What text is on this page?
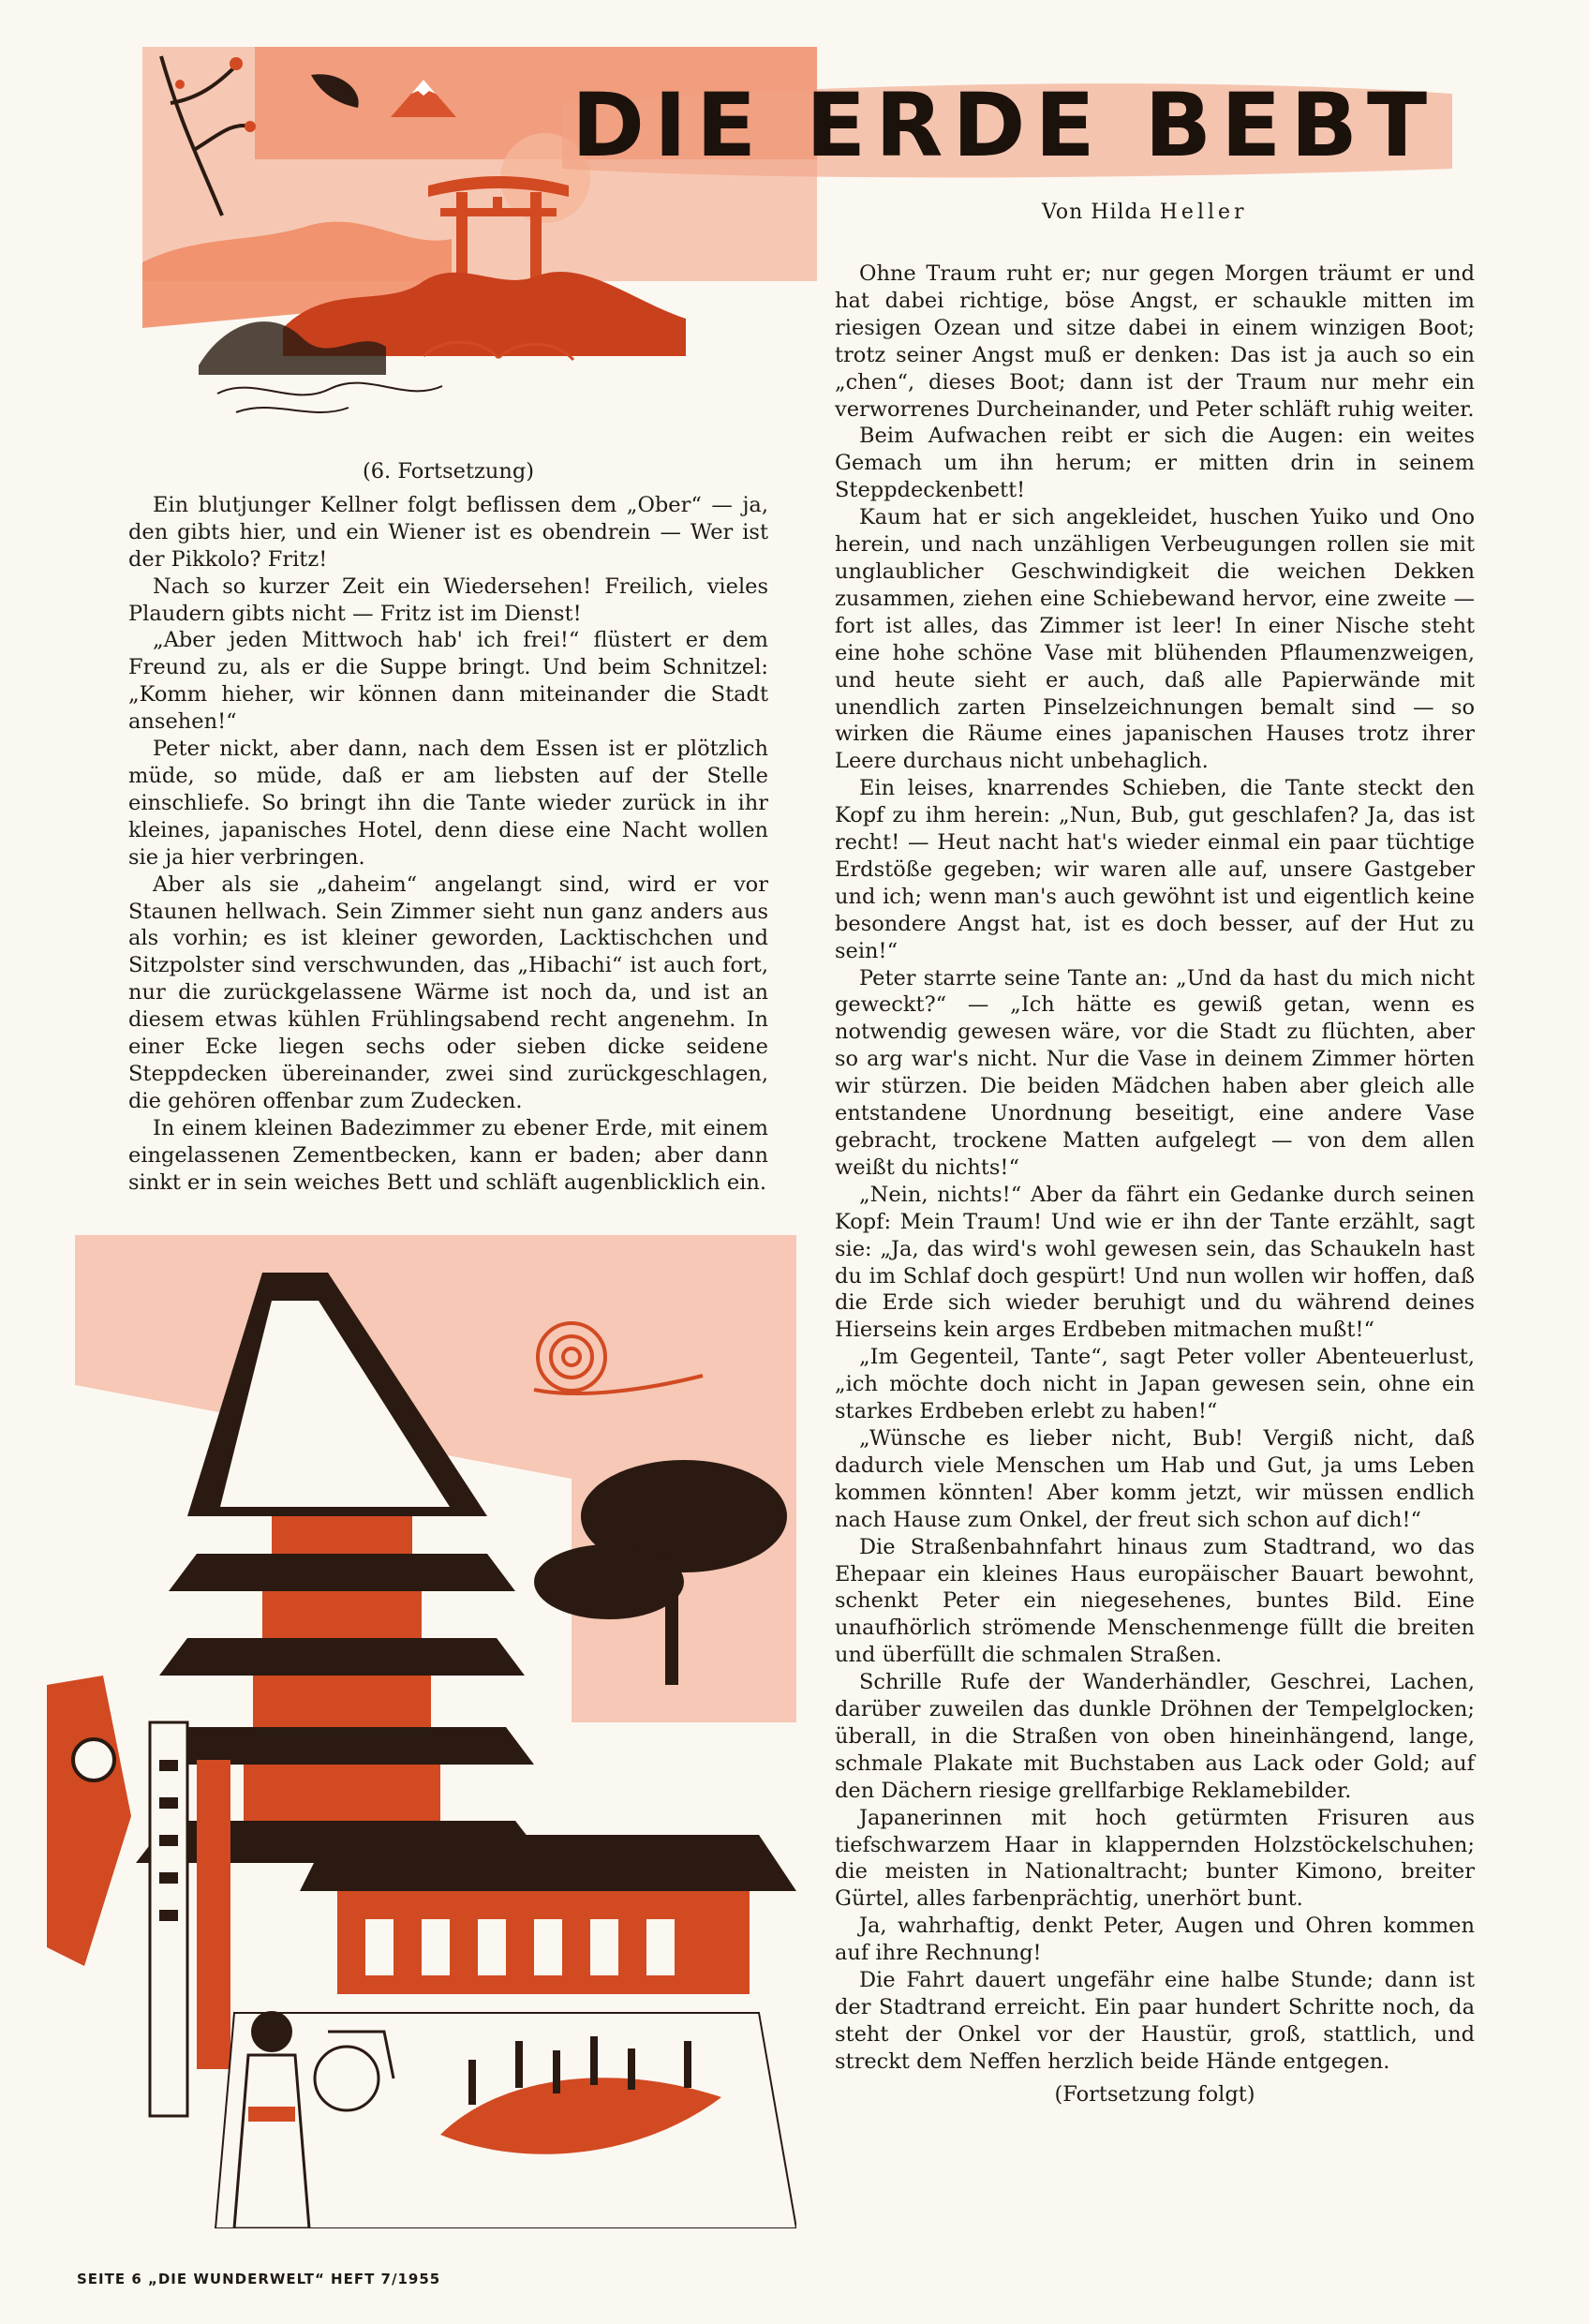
DIE ERDE BEBT
Von Hilda Heller

(6. Fortsetzung)

Ein blutjunger Kellner folgt beflissen dem „Ober“ — ja, den gibts hier, und ein Wiener ist es obendrein — Wer ist der Pikkolo? Fritz!

Nach so kurzer Zeit ein Wiedersehen! Freilich, vieles Plaudern gibts nicht — Fritz ist im Dienst!

„Aber jeden Mittwoch hab' ich frei!“ flüstert er dem Freund zu, als er die Suppe bringt. Und beim Schnitzel: „Komm hieher, wir können dann miteinander die Stadt ansehen!“

Peter nickt, aber dann, nach dem Essen ist er plötzlich müde, so müde, daß er am liebsten auf der Stelle einschliefe. So bringt ihn die Tante wieder zurück in ihr kleines, japanisches Hotel, denn diese eine Nacht wollen sie ja hier verbringen.

Aber als sie „daheim“ angelangt sind, wird er vor Staunen hellwach. Sein Zimmer sieht nun ganz anders aus als vorhin; es ist kleiner geworden, Lacktischchen und Sitzpolster sind verschwunden, das „Hibachi“ ist auch fort, nur die zurückgelassene Wärme ist noch da, und ist an diesem etwas kühlen Frühlingsabend recht angenehm. In einer Ecke liegen sechs oder sieben dicke seidene Steppdecken übereinander, zwei sind zurückgeschlagen, die gehören offenbar zum Zudecken.

In einem kleinen Badezimmer zu ebener Erde, mit einem eingelassenen Zementbecken, kann er baden; aber dann sinkt er in sein weiches Bett und schläft augenblicklich ein.

Ohne Traum ruht er; nur gegen Morgen träumt er und hat dabei richtige, böse Angst, er schaukle mitten im riesigen Ozean und sitze dabei in einem winzigen Boot; trotz seiner Angst muß er denken: Das ist ja auch so ein „chen“, dieses Boot; dann ist der Traum nur mehr ein verworrenes Durcheinander, und Peter schläft ruhig weiter.

Beim Aufwachen reibt er sich die Augen: ein weites Gemach um ihn herum; er mitten drin in seinem Steppdeckenbett!

Kaum hat er sich angekleidet, huschen Yuiko und Ono herein, und nach unzähligen Verbeugungen rollen sie mit unglaublicher Geschwindigkeit die weichen Dekken zusammen, ziehen eine Schiebewand hervor, eine zweite — fort ist alles, das Zimmer ist leer! In einer Nische steht eine hohe schöne Vase mit blühenden Pflaumenzweigen, und heute sieht er auch, daß alle Papierwände mit unendlich zarten Pinselzeichnungen bemalt sind — so wirken die Räume eines japanischen Hauses trotz ihrer Leere durchaus nicht unbehaglich.

Ein leises, knarrendes Schieben, die Tante steckt den Kopf zu ihm herein: „Nun, Bub, gut geschlafen? Ja, das ist recht! — Heut nacht hat's wieder einmal ein paar tüchtige Erdstöße gegeben; wir waren alle auf, unsere Gastgeber und ich; wenn man's auch gewöhnt ist und eigentlich keine besondere Angst hat, ist es doch besser, auf der Hut zu sein!“

Peter starrte seine Tante an: „Und da hast du mich nicht geweckt?“ — „Ich hätte es gewiß getan, wenn es notwendig gewesen wäre, vor die Stadt zu flüchten, aber so arg war's nicht. Nur die Vase in deinem Zimmer hörten wir stürzen. Die beiden Mädchen haben aber gleich alle entstandene Unordnung beseitigt, eine andere Vase gebracht, trockene Matten aufgelegt — von dem allen weißt du nichts!“

„Nein, nichts!“ Aber da fährt ein Gedanke durch seinen Kopf: Mein Traum! Und wie er ihn der Tante erzählt, sagt sie: „Ja, das wird's wohl gewesen sein, das Schaukeln hast du im Schlaf doch gespürt! Und nun wollen wir hoffen, daß die Erde sich wieder beruhigt und du während deines Hierseins kein arges Erdbeben mitmachen mußt!“

„Im Gegenteil, Tante“, sagt Peter voller Abenteuerlust, „ich möchte doch nicht in Japan gewesen sein, ohne ein starkes Erdbeben erlebt zu haben!“

„Wünsche es lieber nicht, Bub! Vergiß nicht, daß dadurch viele Menschen um Hab und Gut, ja ums Leben kommen könnten! Aber komm jetzt, wir müssen endlich nach Hause zum Onkel, der freut sich schon auf dich!“

Die Straßenbahnfahrt hinaus zum Stadtrand, wo das Ehepaar ein kleines Haus europäischer Bauart bewohnt, schenkt Peter ein niegesehenes, buntes Bild. Eine unaufhörlich strömende Menschenmenge füllt die breiten und überfüllt die schmalen Straßen.

Schrille Rufe der Wanderhändler, Geschrei, Lachen, darüber zuweilen das dunkle Dröhnen der Tempelglocken; überall, in die Straßen von oben hineinhängend, lange, schmale Plakate mit Buchstaben aus Lack oder Gold; auf den Dächern riesige grellfarbige Reklamebilder.

Japanerinnen mit hoch getürmten Frisuren aus tiefschwarzem Haar in klappernden Holzstöckelschuhen; die meisten in Nationaltracht; bunter Kimono, breiter Gürtel, alles farbenprächtig, unerhört bunt.

Ja, wahrhaftig, denkt Peter, Augen und Ohren kommen auf ihre Rechnung!

Die Fahrt dauert ungefähr eine halbe Stunde; dann ist der Stadtrand erreicht. Ein paar hundert Schritte noch, da steht der Onkel vor der Haustür, groß, stattlich, und streckt dem Neffen herzlich beide Hände entgegen.

(Fortsetzung folgt)

SEITE 6 „DIE WUNDERWELT“ HEFT 7/1955
